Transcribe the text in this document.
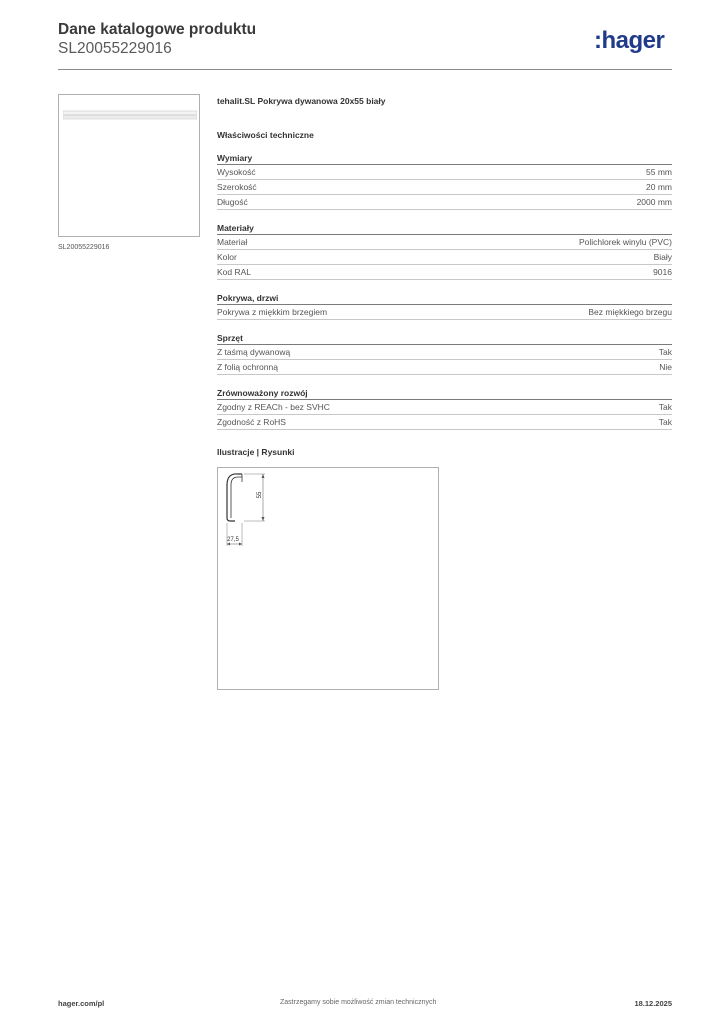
Dane katalogowe produktu
SL20055229016	:hager
SL20055229016
tehalit.SL Pokrywa dywanowa 20x55 biały
Właściwości techniczne
Wymiary
Wysokość	55 mm
Szerokość	20 mm
Długość	2000 mm
Materiały
Materiał	Polichlorek winylu (PVC)
Kolor	Biały
Kod RAL	9016
Pokrywa, drzwi
Pokrywa z miękkim brzegiem	Bez miękkiego brzegu
Sprzęt
Z taśmą dywanową	Tak
Z folią ochronną	Nie
Zrównoważony rozwój
Zgodny z REACh - bez SVHC	Tak
Zgodność z RoHS	Tak
Ilustracje | Rysunki
55
27,5
hager.com/pl	Zastrzegamy sobie możliwość zmian technicznych	18.12.2025
